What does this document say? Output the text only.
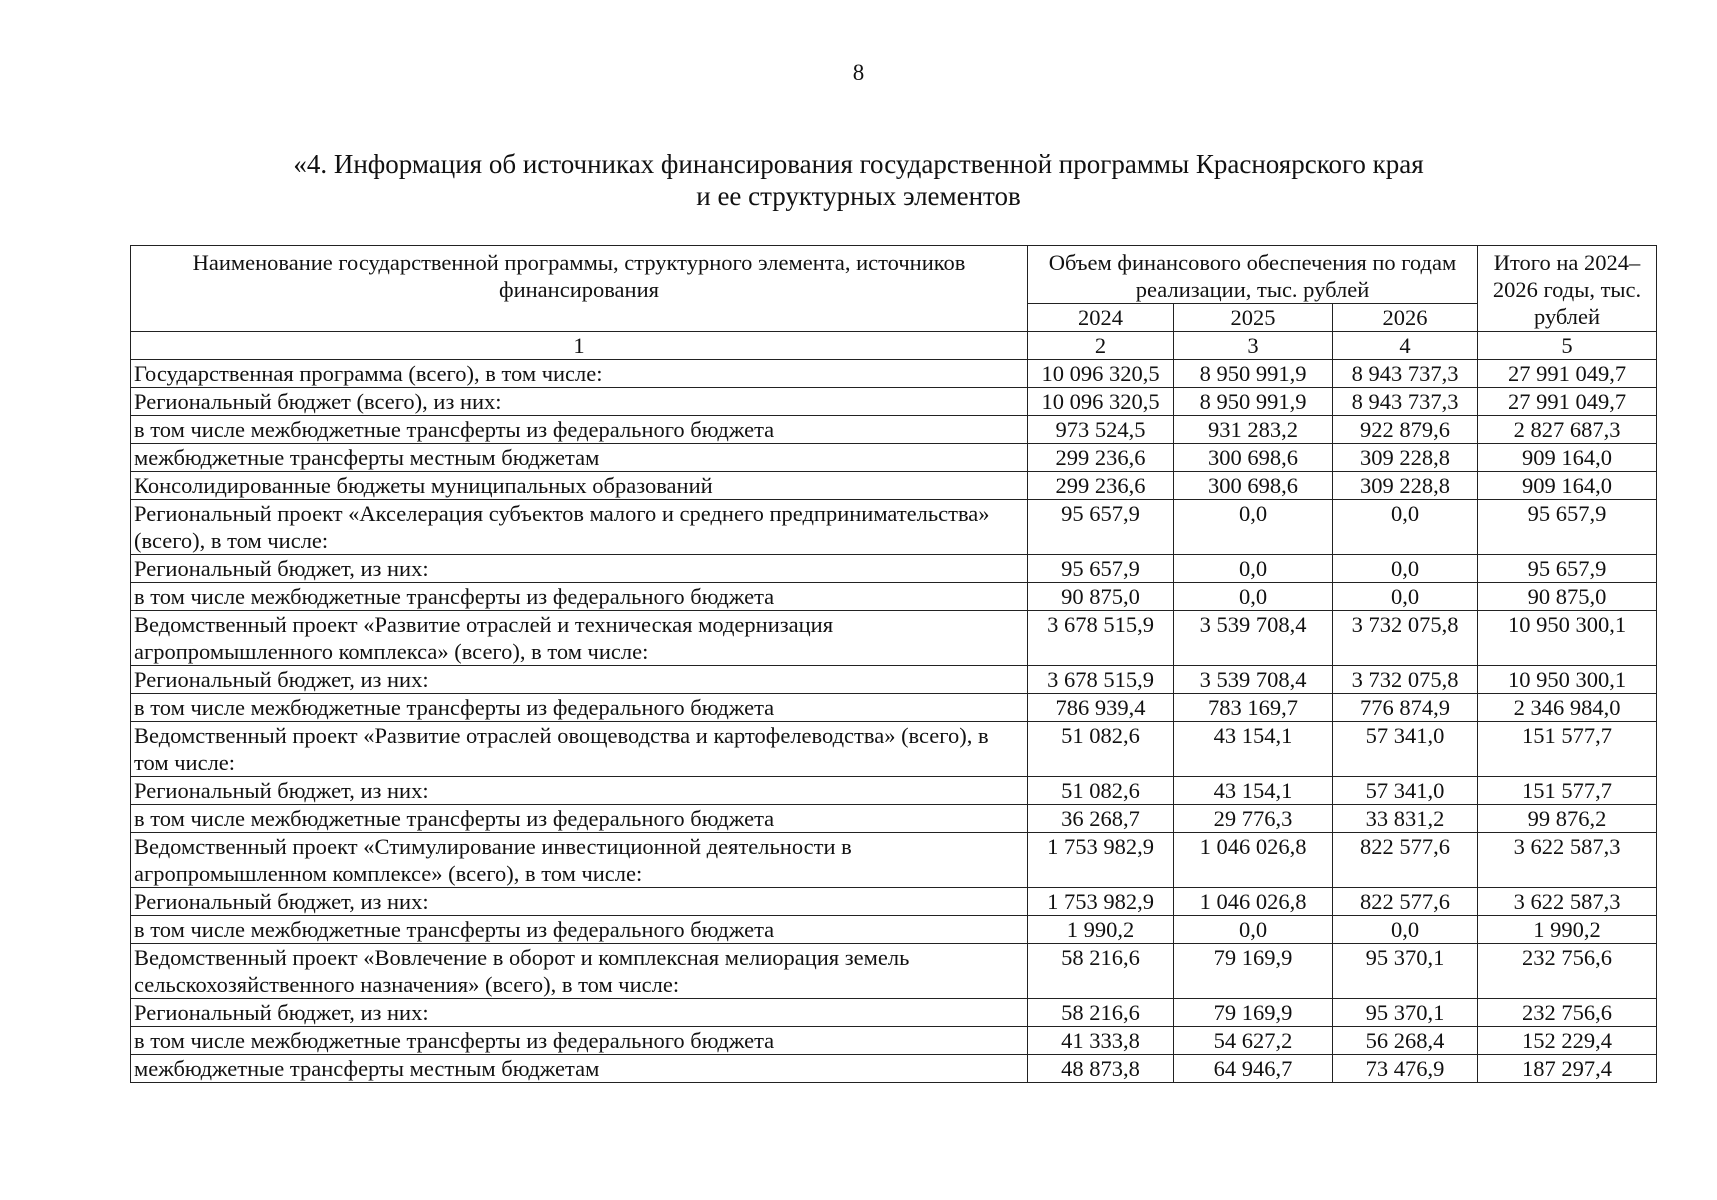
8
«4. Информация об источниках финансирования государственной программы Красноярского края
и ее структурных элементов
Наименование государственной программы, структурного элемента, источников финансирования	Объем финансового обеспечения по годам реализации, тыс. рублей			Итого на 2024–2026 годы, тыс. рублей
	2024	2025	2026	
1	2	3	4	5
Государственная программа (всего), в том числе:	10 096 320,5	8 950 991,9	8 943 737,3	27 991 049,7
Региональный бюджет (всего), из них:	10 096 320,5	8 950 991,9	8 943 737,3	27 991 049,7
в том числе межбюджетные трансферты из федерального бюджета	973 524,5	931 283,2	922 879,6	2 827 687,3
межбюджетные трансферты местным бюджетам	299 236,6	300 698,6	309 228,8	909 164,0
Консолидированные бюджеты муниципальных образований	299 236,6	300 698,6	309 228,8	909 164,0
Региональный проект «Акселерация субъектов малого и среднего предпринимательства» (всего), в том числе:	95 657,9	0,0	0,0	95 657,9
Региональный бюджет, из них:	95 657,9	0,0	0,0	95 657,9
в том числе межбюджетные трансферты из федерального бюджета	90 875,0	0,0	0,0	90 875,0
Ведомственный проект «Развитие отраслей и техническая модернизация агропромышленного комплекса» (всего), в том числе:	3 678 515,9	3 539 708,4	3 732 075,8	10 950 300,1
Региональный бюджет, из них:	3 678 515,9	3 539 708,4	3 732 075,8	10 950 300,1
в том числе межбюджетные трансферты из федерального бюджета	786 939,4	783 169,7	776 874,9	2 346 984,0
Ведомственный проект «Развитие отраслей овощеводства и картофелеводства» (всего), в том числе:	51 082,6	43 154,1	57 341,0	151 577,7
Региональный бюджет, из них:	51 082,6	43 154,1	57 341,0	151 577,7
в том числе межбюджетные трансферты из федерального бюджета	36 268,7	29 776,3	33 831,2	99 876,2
Ведомственный проект «Стимулирование инвестиционной деятельности в агропромышленном комплексе» (всего), в том числе:	1 753 982,9	1 046 026,8	822 577,6	3 622 587,3
Региональный бюджет, из них:	1 753 982,9	1 046 026,8	822 577,6	3 622 587,3
в том числе межбюджетные трансферты из федерального бюджета	1 990,2	0,0	0,0	1 990,2
Ведомственный проект «Вовлечение в оборот и комплексная мелиорация земель сельскохозяйственного назначения» (всего), в том числе:	58 216,6	79 169,9	95 370,1	232 756,6
Региональный бюджет, из них:	58 216,6	79 169,9	95 370,1	232 756,6
в том числе межбюджетные трансферты из федерального бюджета	41 333,8	54 627,2	56 268,4	152 229,4
межбюджетные трансферты местным бюджетам	48 873,8	64 946,7	73 476,9	187 297,4
